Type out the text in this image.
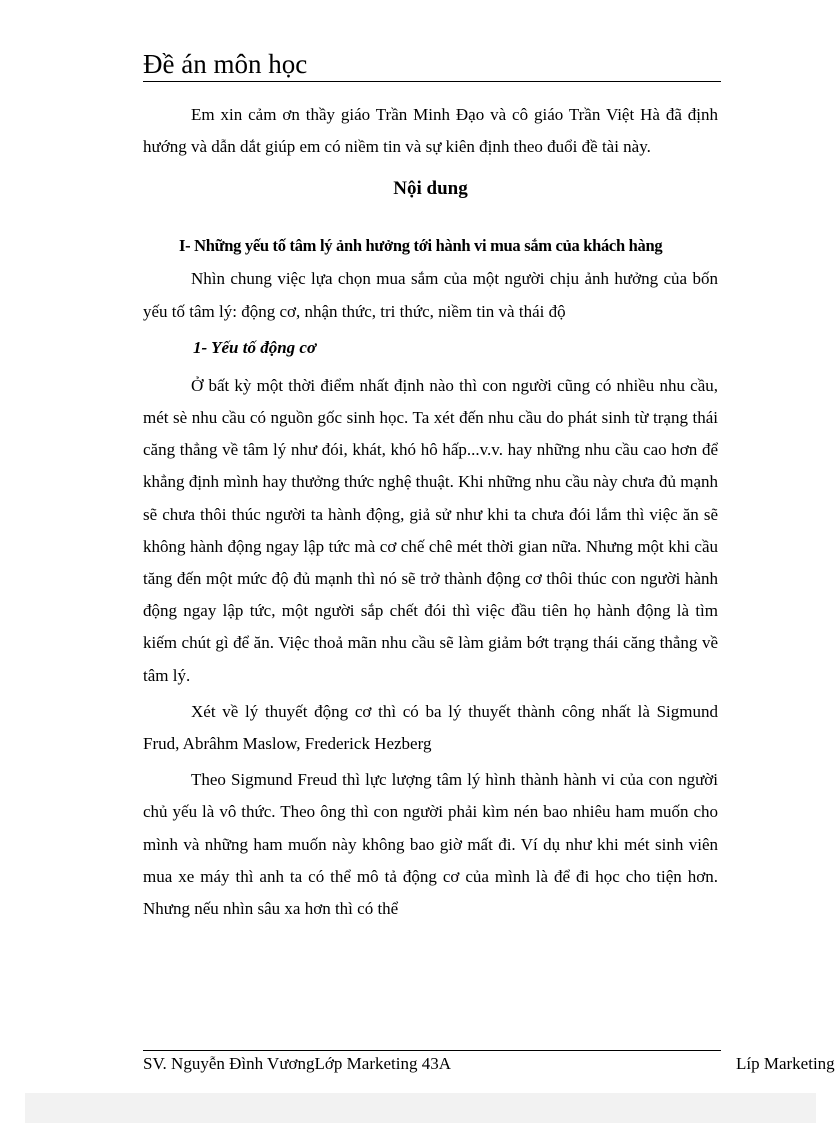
Đề án môn học

Em xin cảm ơn thầy giáo Trần Minh Đạo và cô giáo Trần Việt Hà đã định hướng và dẫn dắt giúp em có niềm tin và sự kiên định theo đuổi đề tài này.

Nội dung
I- Những yếu tố tâm lý ảnh hưởng tới hành vi mua sắm của khách hàng

Nhìn chung việc lựa chọn mua sắm của một người chịu ảnh hưởng của bốn yếu tố tâm lý: động cơ, nhận thức, tri thức, niềm tin và thái độ

1- Yếu tố động cơ

Ở bất kỳ một thời điểm nhất định nào thì con người cũng có nhiều nhu cầu, mét sè nhu cầu có nguồn gốc sinh học. Ta xét đến nhu cầu do phát sinh từ trạng thái căng thẳng về tâm lý như đói, khát, khó hô hấp...v.v. hay những nhu cầu cao hơn để khẳng định mình hay thưởng thức nghệ thuật. Khi những nhu cầu này chưa đủ mạnh sẽ chưa thôi thúc người ta hành động, giả sử như khi ta chưa đói lắm thì việc ăn sẽ không hành động ngay lập tức mà cơ chế chê mét thời gian nữa. Nhưng một khi cầu tăng đến một mức độ đủ mạnh thì nó sẽ trở thành động cơ thôi thúc con người hành động ngay lập tức, một người sắp chết đói thì việc đầu tiên họ hành động là tìm kiếm chút gì để ăn. Việc thoả mãn nhu cầu sẽ làm giảm bớt trạng thái căng thẳng về tâm lý.

Xét về lý thuyết động cơ thì có ba lý thuyết thành công nhất là Sigmund Frud, Abrâhm Maslow, Frederick Hezberg

Theo Sigmund Freud thì lực lượng tâm lý hình thành hành vi của con người chủ yếu là vô thức. Theo ông thì con người phải kìm nén bao nhiêu ham muốn cho mình và những ham muốn này không bao giờ mất đi. Ví dụ như khi mét sinh viên mua xe máy thì anh ta có thể mô tả động cơ của mình là để đi học cho tiện hơn. Nhưng nếu nhìn sâu xa hơn thì có thể

SV. Nguyễn Đình VươngLớp Marketing 43A	Líp Marketing
